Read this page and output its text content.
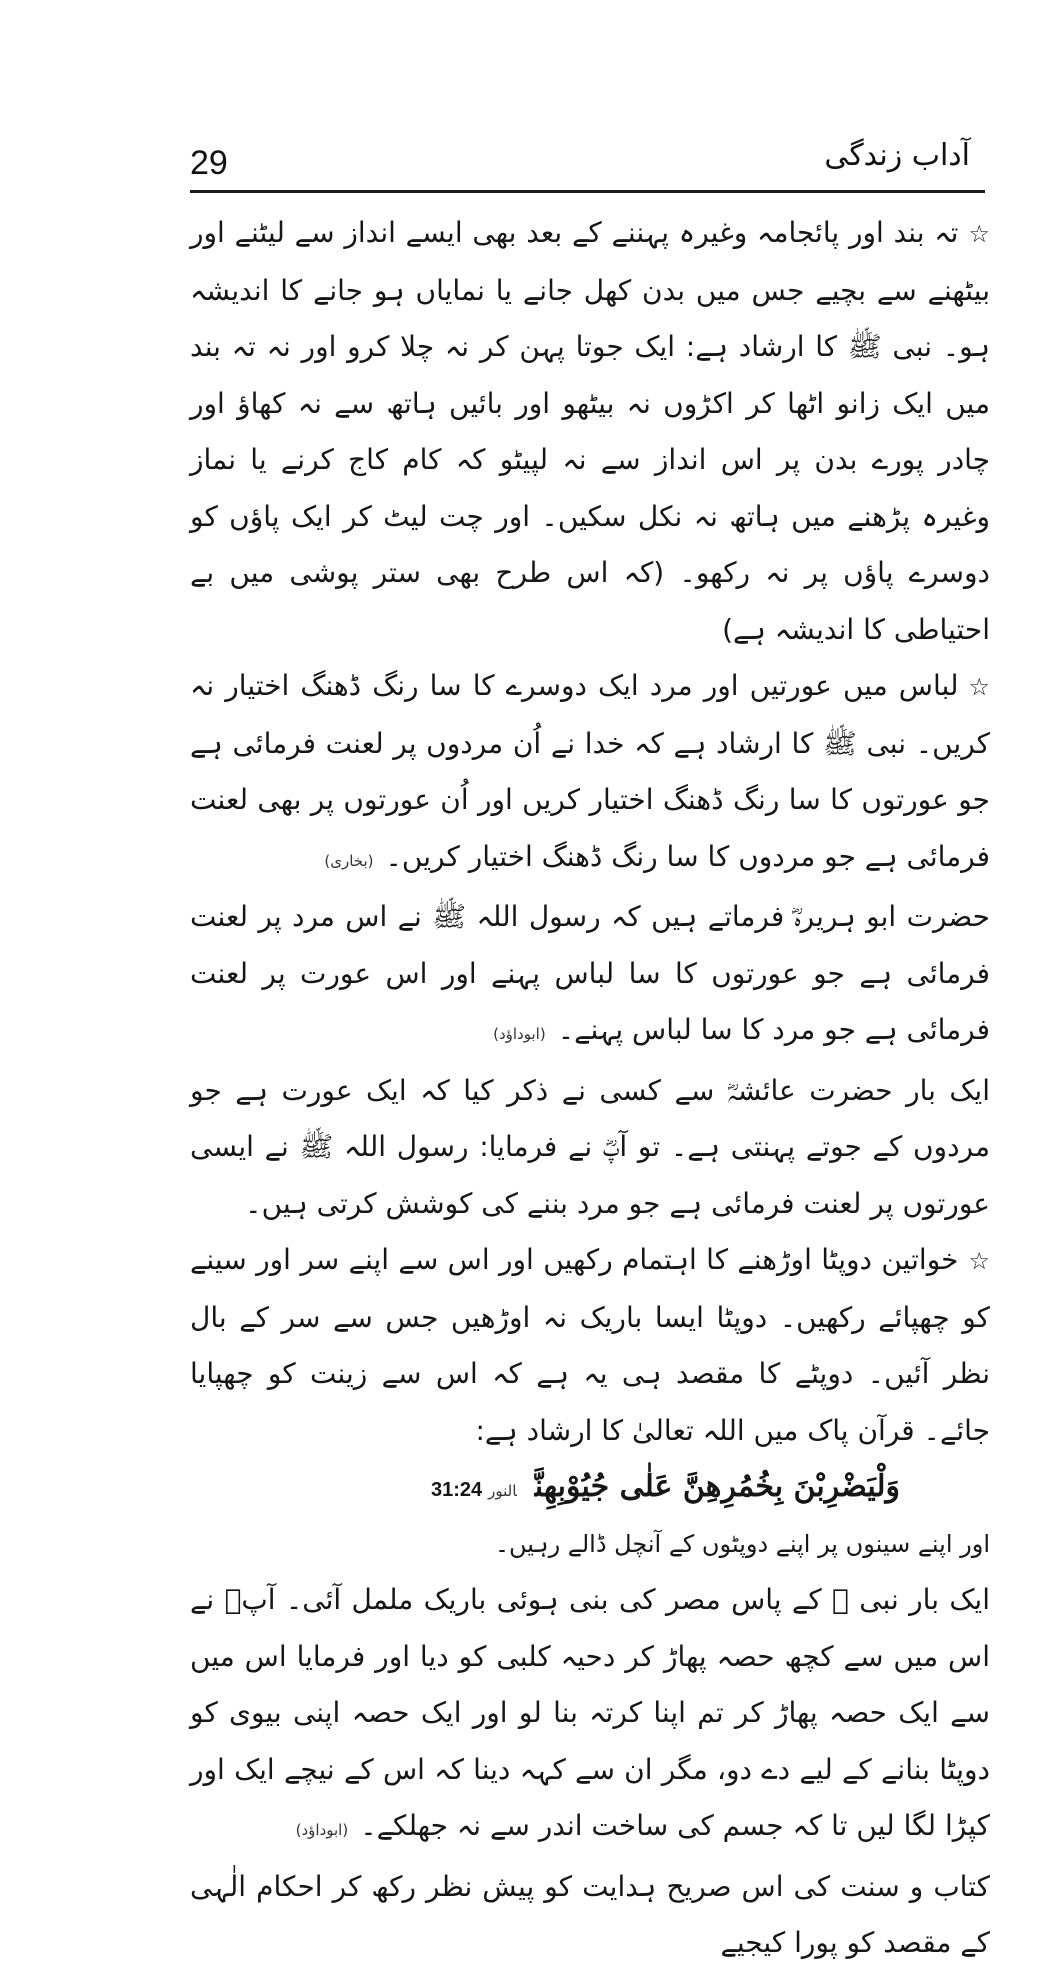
29	آداب زندگی

☆تہ بند اور پائجامہ وغیرہ پہننے کے بعد بھی ایسے انداز سے لیٹنے اور بیٹھنے سے بچیے جس میں بدن کھل جانے یا نمایاں ہو جانے کا اندیشہ ہو۔ نبی ﷺ کا ارشاد ہے: ایک جوتا پہن کر نہ چلا کرو اور نہ تہ بند میں ایک زانو اٹھا کر اکڑوں نہ بیٹھو اور بائیں ہاتھ سے نہ کھاؤ اور چادر پورے بدن پر اس انداز سے نہ لپیٹو کہ کام کاج کرنے یا نماز وغیرہ پڑھنے میں ہاتھ نہ نکل سکیں۔ اور چت لیٹ کر ایک پاؤں کو دوسرے پاؤں پر نہ رکھو۔ (کہ اس طرح بھی ستر پوشی میں بے احتیاطی کا اندیشہ ہے)

☆لباس میں عورتیں اور مرد ایک دوسرے کا سا رنگ ڈھنگ اختیار نہ کریں۔ نبی ﷺ کا ارشاد ہے کہ خدا نے اُن مردوں پر لعنت فرمائی ہے جو عورتوں کا سا رنگ ڈھنگ اختیار کریں اور اُن عورتوں پر بھی لعنت فرمائی ہے جو مردوں کا سا رنگ ڈھنگ اختیار کریں۔(بخاری)

حضرت ابو ہریرہؓ فرماتے ہیں کہ رسول اللہ ﷺ نے اس مرد پر لعنت فرمائی ہے جو عورتوں کا سا لباس پہنے اور اس عورت پر لعنت فرمائی ہے جو مرد کا سا لباس پہنے۔(ابوداؤد)

ایک بار حضرت عائشہؓ سے کسی نے ذکر کیا کہ ایک عورت ہے جو مردوں کے جوتے پہنتی ہے۔ تو آپؓ نے فرمایا: رسول اللہ ﷺ نے ایسی عورتوں پر لعنت فرمائی ہے جو مرد بننے کی کوشش کرتی ہیں۔

☆خواتین دوپٹا اوڑھنے کا اہتمام رکھیں اور اس سے اپنے سر اور سینے کو چھپائے رکھیں۔ دوپٹا ایسا باریک نہ اوڑھیں جس سے سر کے بال نظر آئیں۔ دوپٹے کا مقصد ہی یہ ہے کہ اس سے زینت کو چھپایا جائے۔ قرآن پاک میں اللہ تعالیٰ کا ارشاد ہے:

وَلْيَضْرِبْنَ بِخُمُرِهِنَّ عَلٰى جُيُوْبِهِنَّالنور31:24

اور اپنے سینوں پر اپنے دوپٹوں کے آنچل ڈالے رہیں۔

ایک بار نبی ﷺ کے پاس مصر کی بنی ہوئی باریک ململ آئی۔ آپؐ نے اس میں سے کچھ حصہ پھاڑ کر دحیہ کلبی کو دیا اور فرمایا اس میں سے ایک حصہ پھاڑ کر تم اپنا کرتہ بنا لو اور ایک حصہ اپنی بیوی کو دوپٹا بنانے کے لیے دے دو، مگر ان سے کہہ دینا کہ اس کے نیچے ایک اور کپڑا لگا لیں تا کہ جسم کی ساخت اندر سے نہ جھلکے۔(ابوداؤد)

کتاب و سنت کی اس صریح ہدایت کو پیش نظر رکھ کر احکام الٰہی کے مقصد کو پورا کیجیے
